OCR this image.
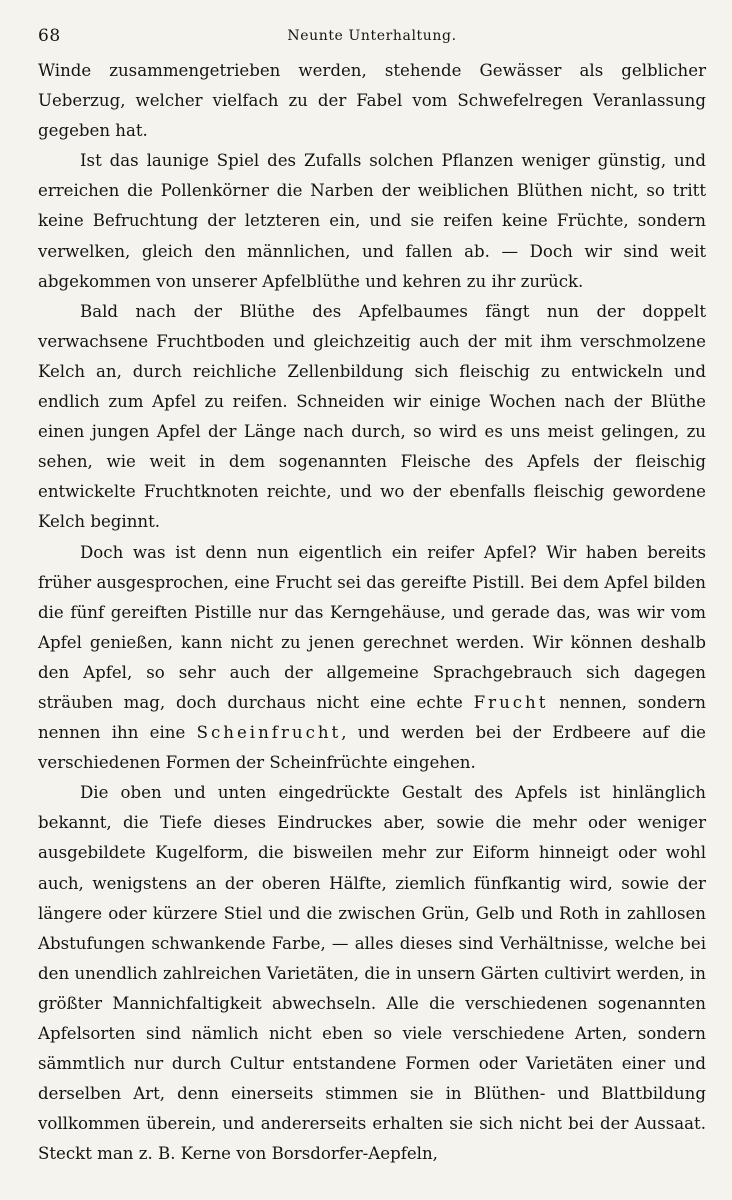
68	Neunte Unterhaltung.

Winde zusammengetrieben werden, stehende Gewässer als gelblicher Ueberzug, welcher vielfach zu der Fabel vom Schwefelregen Veranlassung gegeben hat.

Ist das launige Spiel des Zufalls solchen Pflanzen weniger günstig, und erreichen die Pollenkörner die Narben der weiblichen Blüthen nicht, so tritt keine Befruchtung der letzteren ein, und sie reifen keine Früchte, sondern verwelken, gleich den männlichen, und fallen ab. — Doch wir sind weit abgekommen von unserer Apfelblüthe und kehren zu ihr zurück.

Bald nach der Blüthe des Apfelbaumes fängt nun der doppelt verwachsene Fruchtboden und gleichzeitig auch der mit ihm verschmolzene Kelch an, durch reichliche Zellenbildung sich fleischig zu entwickeln und endlich zum Apfel zu reifen. Schneiden wir einige Wochen nach der Blüthe einen jungen Apfel der Länge nach durch, so wird es uns meist gelingen, zu sehen, wie weit in dem sogenannten Fleische des Apfels der fleischig entwickelte Fruchtknoten reichte, und wo der ebenfalls fleischig gewordene Kelch beginnt.

Doch was ist denn nun eigentlich ein reifer Apfel? Wir haben bereits früher ausgesprochen, eine Frucht sei das gereifte Pistill. Bei dem Apfel bilden die fünf gereiften Pistille nur das Kerngehäuse, und gerade das, was wir vom Apfel genießen, kann nicht zu jenen gerechnet werden. Wir können deshalb den Apfel, so sehr auch der allgemeine Sprachgebrauch sich dagegen sträuben mag, doch durchaus nicht eine echte Frucht nennen, sondern nennen ihn eine Scheinfrucht, und werden bei der Erdbeere auf die verschiedenen Formen der Scheinfrüchte eingehen.

Die oben und unten eingedrückte Gestalt des Apfels ist hinlänglich bekannt, die Tiefe dieses Eindruckes aber, sowie die mehr oder weniger ausgebildete Kugelform, die bisweilen mehr zur Eiform hinneigt oder wohl auch, wenigstens an der oberen Hälfte, ziemlich fünfkantig wird, sowie der längere oder kürzere Stiel und die zwischen Grün, Gelb und Roth in zahllosen Abstufungen schwankende Farbe, — alles dieses sind Verhältnisse, welche bei den unendlich zahlreichen Varietäten, die in unsern Gärten cultivirt werden, in größter Mannichfaltigkeit abwechseln. Alle die verschiedenen sogenannten Apfelsorten sind nämlich nicht eben so viele verschiedene Arten, sondern sämmtlich nur durch Cultur entstandene Formen oder Varietäten einer und derselben Art, denn einerseits stimmen sie in Blüthen- und Blattbildung vollkommen überein, und andererseits erhalten sie sich nicht bei der Aussaat. Steckt man z. B. Kerne von Borsdorfer-Aepfeln,
